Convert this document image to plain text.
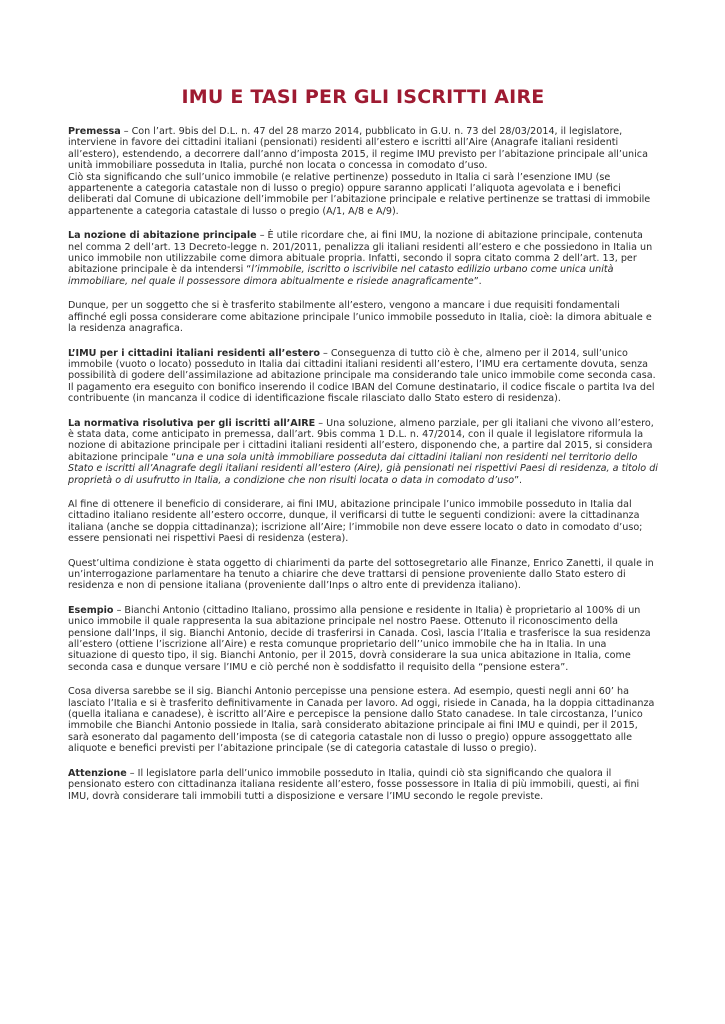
IMU E TASI PER GLI ISCRITTI AIRE

Premessa – Con l’art. 9bis del D.L. n. 47 del 28 marzo 2014, pubblicato in G.U. n. 73 del 28/03/2014, il legislatore, interviene in favore dei cittadini italiani (pensionati) residenti all’estero e iscritti all’Aire (Anagrafe italiani residenti all’estero), estendendo, a decorrere dall’anno d’imposta 2015, il regime IMU previsto per l’abitazione principale all’unica unità immobiliare posseduta in Italia, purché non locata o concessa in comodato d’uso.

Ciò sta significando che sull’unico immobile (e relative pertinenze) posseduto in Italia ci sarà l’esenzione IMU (se appartenente a categoria catastale non di lusso o pregio) oppure saranno applicati l’aliquota agevolata e i benefici deliberati dal Comune di ubicazione dell’immobile per l’abitazione principale e relative pertinenze se trattasi di immobile appartenente a categoria catastale di lusso o pregio (A/1, A/8 e A/9).

La nozione di abitazione principale – È utile ricordare che, ai fini IMU, la nozione di abitazione principale, contenuta nel comma 2 dell’art. 13 Decreto-legge n. 201/2011, penalizza gli italiani residenti all’estero e che possiedono in Italia un unico immobile non utilizzabile come dimora abituale propria. Infatti, secondo il sopra citato comma 2 dell’art. 13, per abitazione principale è da intendersi “l’immobile, iscritto o iscrivibile nel catasto edilizio urbano come unica unità immobiliare, nel quale il possessore dimora abitualmente e risiede anagraficamente”.

Dunque, per un soggetto che si è trasferito stabilmente all’estero, vengono a mancare i due requisiti fondamentali affinché egli possa considerare come abitazione principale l’unico immobile posseduto in Italia, cioè: la dimora abituale e la residenza anagrafica.

L’IMU per i cittadini italiani residenti all’estero – Conseguenza di tutto ciò è che, almeno per il 2014, sull’unico immobile (vuoto o locato) posseduto in Italia dai cittadini italiani residenti all’estero, l’IMU era certamente dovuta, senza possibilità di godere dell’assimilazione ad abitazione principale ma considerando tale unico immobile come seconda casa. Il pagamento era eseguito con bonifico inserendo il codice IBAN del Comune destinatario, il codice fiscale o partita Iva del contribuente (in mancanza il codice di identificazione fiscale rilasciato dallo Stato estero di residenza).

La normativa risolutiva per gli iscritti all’AIRE – Una soluzione, almeno parziale, per gli italiani che vivono all’estero, è stata data, come anticipato in premessa, dall’art. 9bis comma 1 D.L. n. 47/2014, con il quale il legislatore riformula la nozione di abitazione principale per i cittadini italiani residenti all’estero, disponendo che, a partire dal 2015, si considera abitazione principale “una e una sola unità immobiliare posseduta dai cittadini italiani non residenti nel territorio dello Stato e iscritti all’Anagrafe degli italiani residenti all’estero (Aire), già pensionati nei rispettivi Paesi di residenza, a titolo di proprietà o di usufrutto in Italia, a condizione che non risulti locata o data in comodato d’uso”.

Al fine di ottenere il beneficio di considerare, ai fini IMU, abitazione principale l’unico immobile posseduto in Italia dal cittadino italiano residente all’estero occorre, dunque, il verificarsi di tutte le seguenti condizioni: avere la cittadinanza italiana (anche se doppia cittadinanza); iscrizione all’Aire; l’immobile non deve essere locato o dato in comodato d’uso; essere pensionati nei rispettivi Paesi di residenza (estera).

Quest’ultima condizione è stata oggetto di chiarimenti da parte del sottosegretario alle Finanze, Enrico Zanetti, il quale in un’interrogazione parlamentare ha tenuto a chiarire che deve trattarsi di pensione proveniente dallo Stato estero di residenza e non di pensione italiana (proveniente dall’Inps o altro ente di previdenza italiano).

Esempio – Bianchi Antonio (cittadino Italiano, prossimo alla pensione e residente in Italia) è proprietario al 100% di un unico immobile il quale rappresenta la sua abitazione principale nel nostro Paese. Ottenuto il riconoscimento della pensione dall’Inps, il sig. Bianchi Antonio, decide di trasferirsi in Canada. Così, lascia l’Italia e trasferisce la sua residenza all’estero (ottiene l’iscrizione all’Aire) e resta comunque proprietario dell’’unico immobile che ha in Italia. In una situazione di questo tipo, il sig. Bianchi Antonio, per il 2015, dovrà considerare la sua unica abitazione in Italia, come seconda casa e dunque versare l’IMU e ciò perché non è soddisfatto il requisito della “pensione estera”.

Cosa diversa sarebbe se il sig. Bianchi Antonio percepisse una pensione estera. Ad esempio, questi negli anni 60’ ha lasciato l’Italia e si è trasferito definitivamente in Canada per lavoro. Ad oggi, risiede in Canada, ha la doppia cittadinanza (quella italiana e canadese), è iscritto all’Aire e percepisce la pensione dallo Stato canadese. In tale circostanza, l’unico immobile che Bianchi Antonio possiede in Italia, sarà considerato abitazione principale ai fini IMU e quindi, per il 2015, sarà esonerato dal pagamento dell’imposta (se di categoria catastale non di lusso o pregio) oppure assoggettato alle aliquote e benefici previsti per l’abitazione principale (se di categoria catastale di lusso o pregio).

Attenzione – Il legislatore parla dell’unico immobile posseduto in Italia, quindi ciò sta significando che qualora il pensionato estero con cittadinanza italiana residente all’estero, fosse possessore in Italia di più immobili, questi, ai fini IMU, dovrà considerare tali immobili tutti a disposizione e versare l’IMU secondo le regole previste.
